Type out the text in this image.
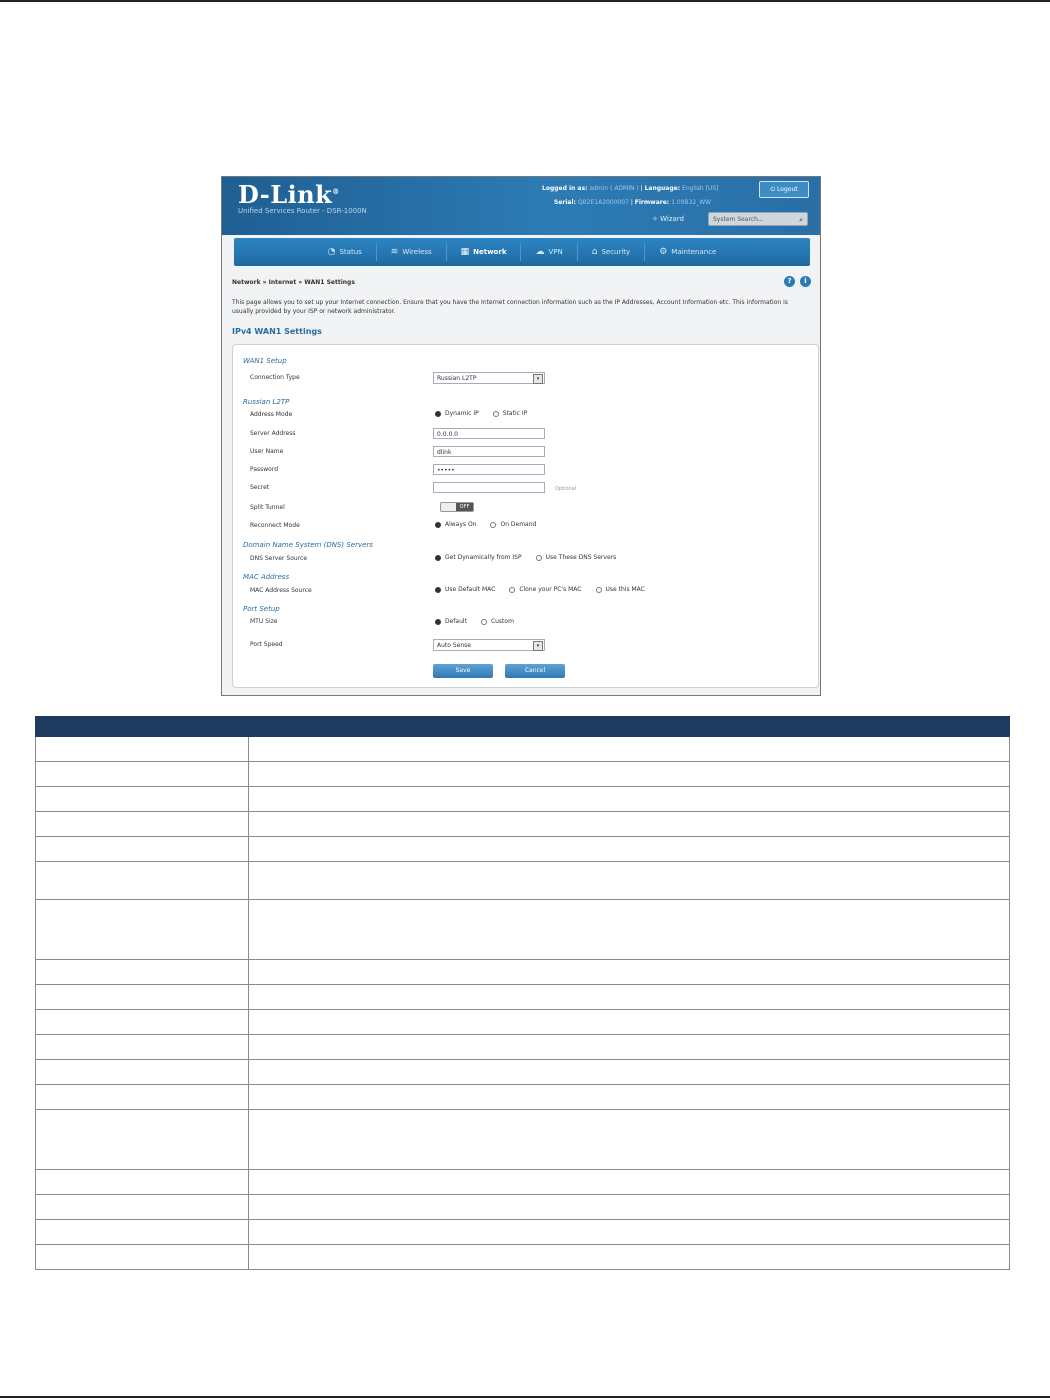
D-Link®
Unified Services Router - DSR-1000N
Logged in as: admin ( ADMIN ) | Language: English [US]
Serial: QB2E1A2000007 | Firmware: 1.09B32_WW
⏻ Logout
✧ Wizard	System Search...	⌕
◔ Status	≋ Wireless	▦ Network	☁ VPN	⌂ Security	⚙ Maintenance
Network » Internet » WAN1 Settings	?	i
This page allows you to set up your Internet connection. Ensure that you have the Internet connection information such as the IP Addresses, Account Information etc. This information is usually provided by your ISP or network administrator.
IPv4 WAN1 Settings
WAN1 Setup
Connection Type	Russian L2TP	▾
Russian L2TP
Address Mode	Dynamic IP	Static IP
Server Address	0.0.0.0
User Name	dlink
Password	•••••
Secret	Optional
Split Tunnel	OFF
Reconnect Mode	Always On	On Demand
Domain Name System (DNS) Servers
DNS Server Source	Get Dynamically from ISP	Use These DNS Servers
MAC Address
MAC Address Source	Use Default MAC	Clone your PC's MAC	Use this MAC
Port Setup
MTU Size	Default	Custom
Port Speed	Auto Sense	▾
Save	Cancel
